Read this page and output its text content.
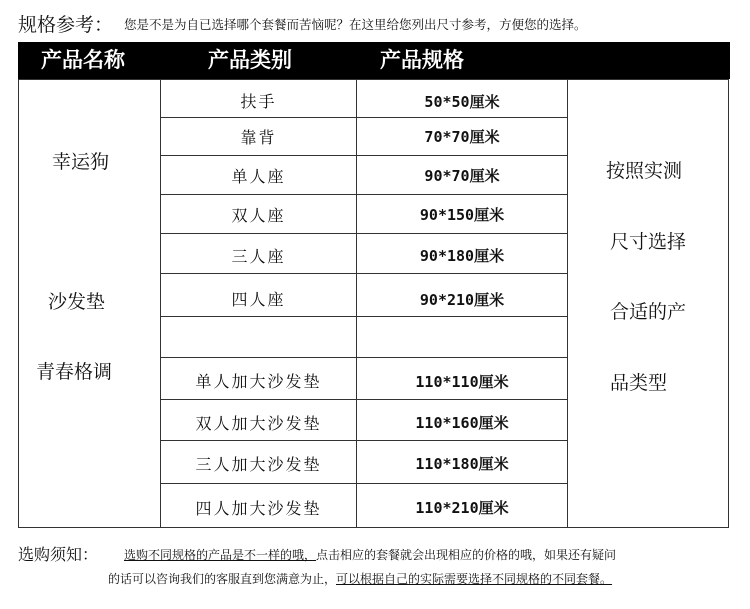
规格参考： 您是不是为自已选择哪个套餐而苦恼呢？在这里给您列出尺寸参考，方便您的选择。
产品名称	产品类别	产品规格
幸运狗
沙发垫
青春格调
扶手
靠背
单人座
双人座
三人座
四人座
单人加大沙发垫
双人加大沙发垫
三人加大沙发垫
四人加大沙发垫
50*50厘米
70*70厘米
90*70厘米
90*150厘米
90*180厘米
90*210厘米
110*110厘米
110*160厘米
110*180厘米
110*210厘米
按照实测
尺寸选择
合适的产
品类型
选购须知： 选购不同规格的产品是不一样的哦，点击相应的套餐就会出现相应的价格的哦，如果还有疑问
的话可以咨询我们的客服直到您满意为止，可以根据自己的实际需要选择不同规格的不同套餐。
